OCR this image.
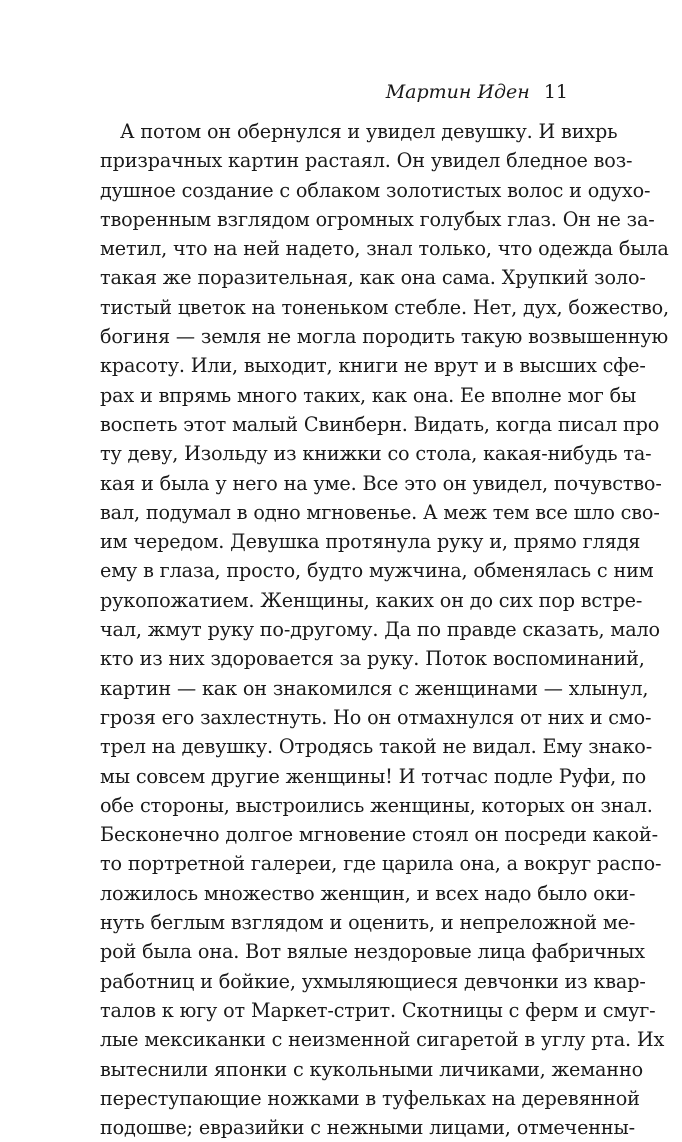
Мартин Иден 11
А потом он обернулся и увидел девушку. И вихрь
призрачных картин растаял. Он увидел бледное воз-
душное создание с облаком золотистых волос и одухо-
творенным взглядом огромных голубых глаз. Он не за-
метил, что на ней надето, знал только, что одежда была
такая же поразительная, как она сама. Хрупкий золо-
тистый цветок на тоненьком стебле. Нет, дух, божество,
богиня — земля не могла породить такую возвышенную
красоту. Или, выходит, книги не врут и в высших сфе-
рах и впрямь много таких, как она. Ее вполне мог бы
воспеть этот малый Свинберн. Видать, когда писал про
ту деву, Изольду из книжки со стола, какая-нибудь та-
кая и была у него на уме. Все это он увидел, почувство-
вал, подумал в одно мгновенье. А меж тем все шло сво-
им чередом. Девушка протянула руку и, прямо глядя
ему в глаза, просто, будто мужчина, обменялась с ним
рукопожатием. Женщины, каких он до сих пор встре-
чал, жмут руку по-другому. Да по правде сказать, мало
кто из них здоровается за руку. Поток воспоминаний,
картин — как он знакомился с женщинами — хлынул,
грозя его захлестнуть. Но он отмахнулся от них и смо-
трел на девушку. Отродясь такой не видал. Ему знако-
мы совсем другие женщины! И тотчас подле Руфи, по
обе стороны, выстроились женщины, которых он знал.
Бесконечно долгое мгновение стоял он посреди какой-
то портретной галереи, где царила она, а вокруг распо-
ложилось множество женщин, и всех надо было оки-
нуть беглым взглядом и оценить, и непреложной ме-
рой была она. Вот вялые нездоровые лица фабричных
работниц и бойкие, ухмыляющиеся девчонки из квар-
талов к югу от Маркет-стрит. Скотницы с ферм и смуг-
лые мексиканки с неизменной сигаретой в углу рта. Их
вытеснили японки с кукольными личиками, жеманно
переступающие ножками в туфельках на деревянной
подошве; евразийки с нежными лицами, отмеченны-
